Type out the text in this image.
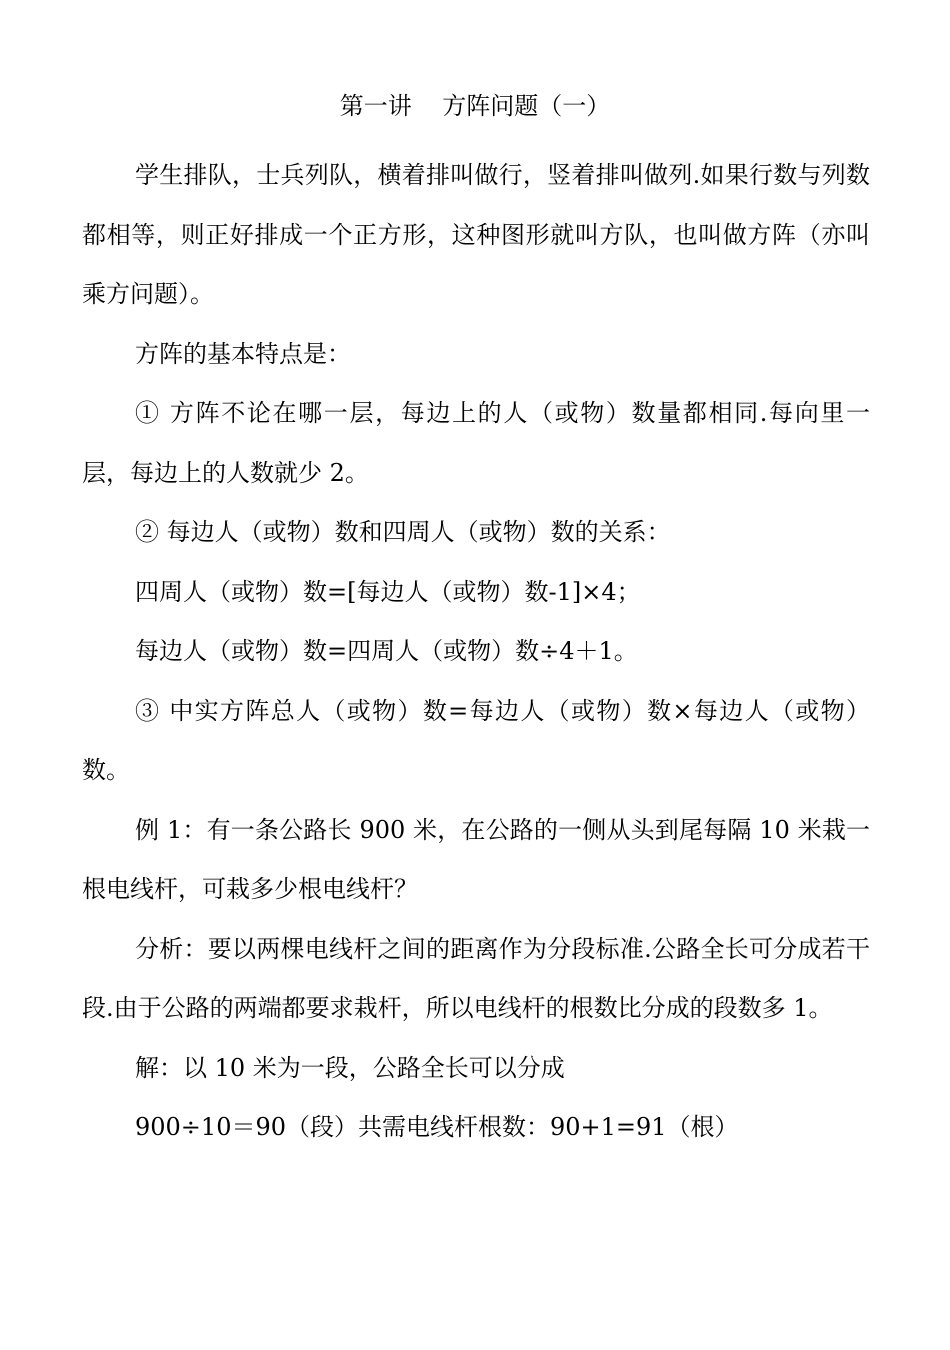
第一讲    方阵问题（一）

学生排队，士兵列队，横着排叫做行，竖着排叫做列.如果行数与列数都相等，则正好排成一个正方形，这种图形就叫方队，也叫做方阵（亦叫乘方问题）。

方阵的基本特点是：

① 方阵不论在哪一层，每边上的人（或物）数量都相同.每向里一层，每边上的人数就少 2。

② 每边人（或物）数和四周人（或物）数的关系：

四周人（或物）数=[每边人（或物）数-1]×4；

每边人（或物）数=四周人（或物）数÷4＋1。

③ 中实方阵总人（或物）数=每边人（或物）数×每边人（或物）数。

例 1：有一条公路长 900 米，在公路的一侧从头到尾每隔 10 米栽一根电线杆，可栽多少根电线杆？

分析：要以两棵电线杆之间的距离作为分段标准.公路全长可分成若干段.由于公路的两端都要求栽杆，所以电线杆的根数比分成的段数多 1。

解：以 10 米为一段，公路全长可以分成

900÷10＝90（段）共需电线杆根数：90+1=91（根）
